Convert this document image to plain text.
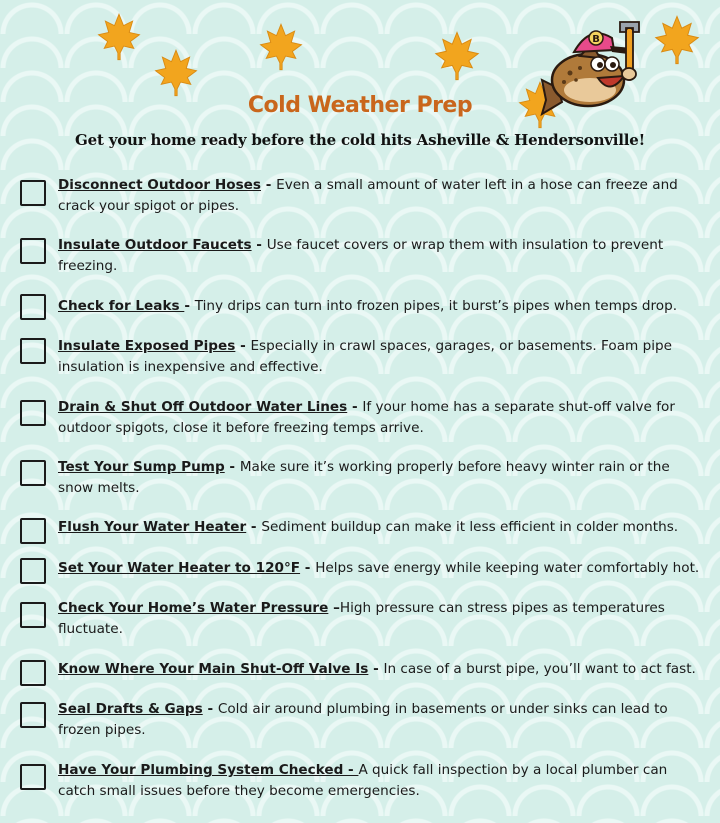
B
Cold Weather Prep
Get your home ready before the cold hits Asheville & Hendersonville!
Disconnect Outdoor Hoses - Even a small amount of water left in a hose can freeze and crack your spigot or pipes.
Insulate Outdoor Faucets - Use faucet covers or wrap them with insulation to prevent freezing.
Check for Leaks - Tiny drips can turn into frozen pipes, it burst’s pipes when temps drop.
Insulate Exposed Pipes - Especially in crawl spaces, garages, or basements. Foam pipe insulation is inexpensive and effective.
Drain & Shut Off Outdoor Water Lines - If your home has a separate shut-off valve for outdoor spigots, close it before freezing temps arrive.
Test Your Sump Pump - Make sure it’s working properly before heavy winter rain or the snow melts.
Flush Your Water Heater - Sediment buildup can make it less efficient in colder months.
Set Your Water Heater to 120°F - Helps save energy while keeping water comfortably hot.
Check Your Home’s Water Pressure –High pressure can stress pipes as temperatures fluctuate.
Know Where Your Main Shut-Off Valve Is - In case of a burst pipe, you’ll want to act fast.
Seal Drafts & Gaps - Cold air around plumbing in basements or under sinks can lead to frozen pipes.
Have Your Plumbing System Checked - A quick fall inspection by a local plumber can catch small issues before they become emergencies.
